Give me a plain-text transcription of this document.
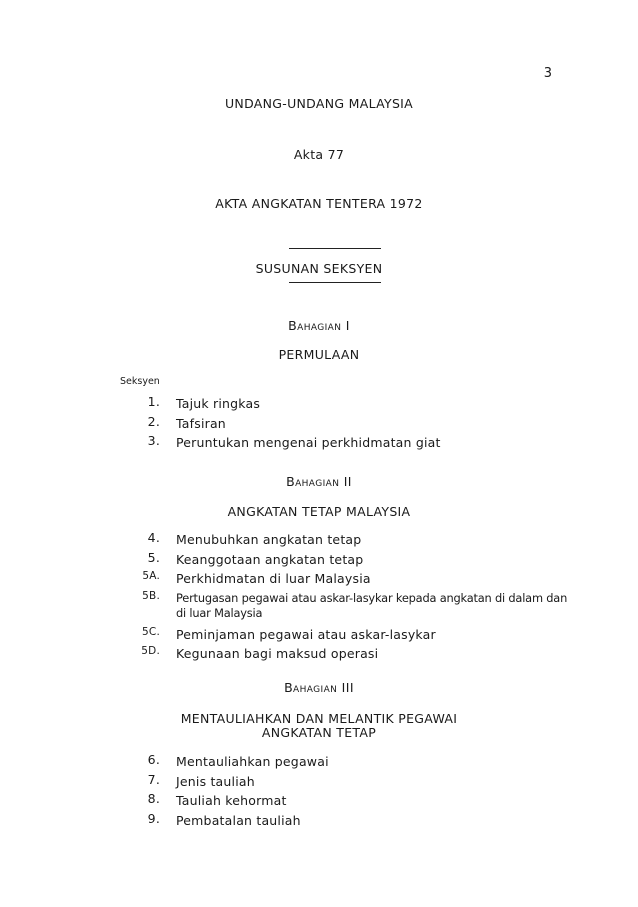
3
UNDANG-UNDANG MALAYSIA
Akta 77
AKTA ANGKATAN TENTERA 1972
SUSUNAN SEKSYEN
Bahagian I
PERMULAAN
Seksyen
1. Tajuk ringkas
2. Tafsiran
3. Peruntukan mengenai perkhidmatan giat
Bahagian II
ANGKATAN TETAP MALAYSIA
4. Menubuhkan angkatan tetap
5. Keanggotaan angkatan tetap
5A. Perkhidmatan di luar Malaysia
5B. Pertugasan pegawai atau askar-lasykar kepada angkatan di dalam dan di luar Malaysia
5C. Peminjaman pegawai atau askar-lasykar
5D. Kegunaan bagi maksud operasi
Bahagian III
MENTAULIAHKAN DAN MELANTIK PEGAWAI
ANGKATAN TETAP
6. Mentauliahkan pegawai
7. Jenis tauliah
8. Tauliah kehormat
9. Pembatalan tauliah
